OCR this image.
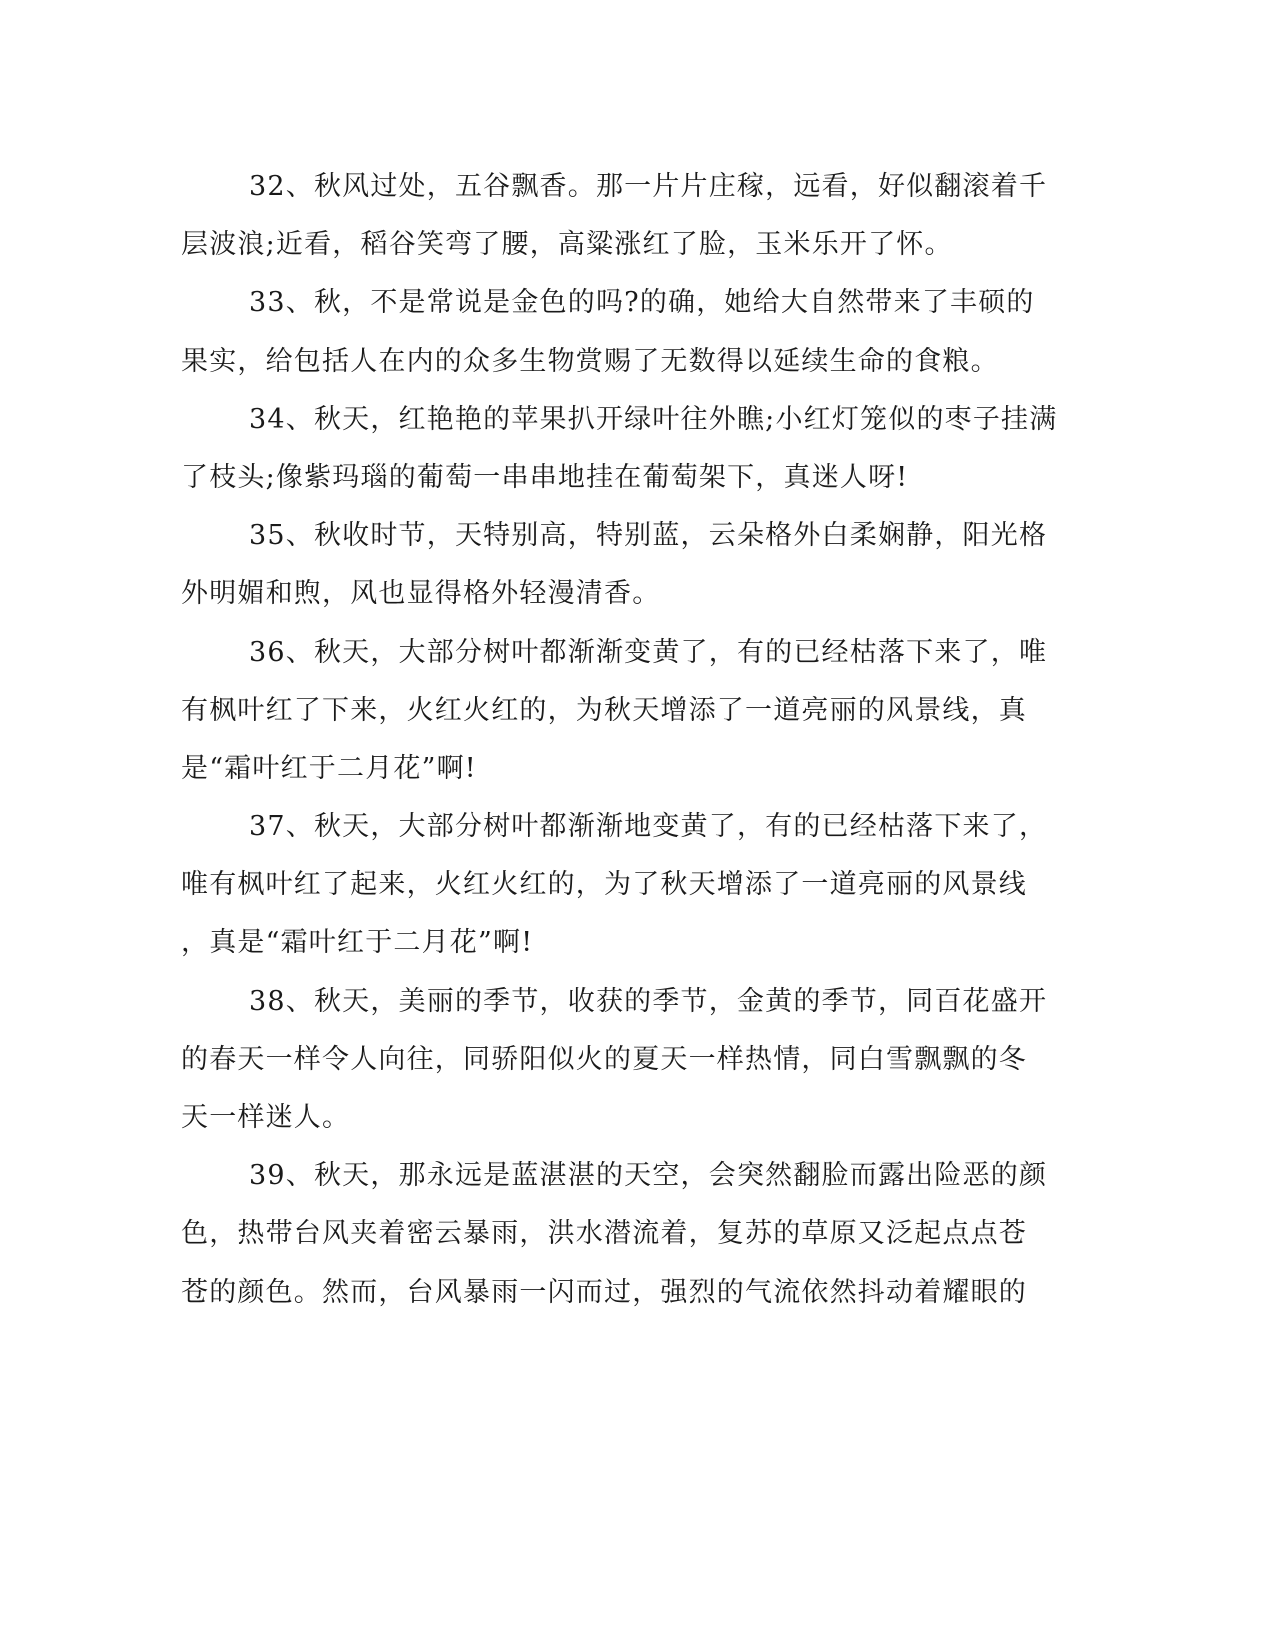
32、秋风过处，五谷飘香。那一片片庄稼，远看，好似翻滚着千
层波浪;近看，稻谷笑弯了腰，高粱涨红了脸，玉米乐开了怀。
33、秋，不是常说是金色的吗?的确，她给大自然带来了丰硕的
果实，给包括人在内的众多生物赏赐了无数得以延续生命的食粮。
34、秋天，红艳艳的苹果扒开绿叶往外瞧;小红灯笼似的枣子挂满
了枝头;像紫玛瑙的葡萄一串串地挂在葡萄架下，真迷人呀!
35、秋收时节，天特别高，特别蓝，云朵格外白柔娴静，阳光格
外明媚和煦，风也显得格外轻漫清香。
36、秋天，大部分树叶都渐渐变黄了，有的已经枯落下来了，唯
有枫叶红了下来，火红火红的，为秋天增添了一道亮丽的风景线，真
是“霜叶红于二月花”啊!
37、秋天，大部分树叶都渐渐地变黄了，有的已经枯落下来了，
唯有枫叶红了起来，火红火红的，为了秋天增添了一道亮丽的风景线
，真是“霜叶红于二月花”啊!
38、秋天，美丽的季节，收获的季节，金黄的季节，同百花盛开
的春天一样令人向往，同骄阳似火的夏天一样热情，同白雪飘飘的冬
天一样迷人。
39、秋天，那永远是蓝湛湛的天空，会突然翻脸而露出险恶的颜
色，热带台风夹着密云暴雨，洪水潜流着，复苏的草原又泛起点点苍
苍的颜色。然而，台风暴雨一闪而过，强烈的气流依然抖动着耀眼的
